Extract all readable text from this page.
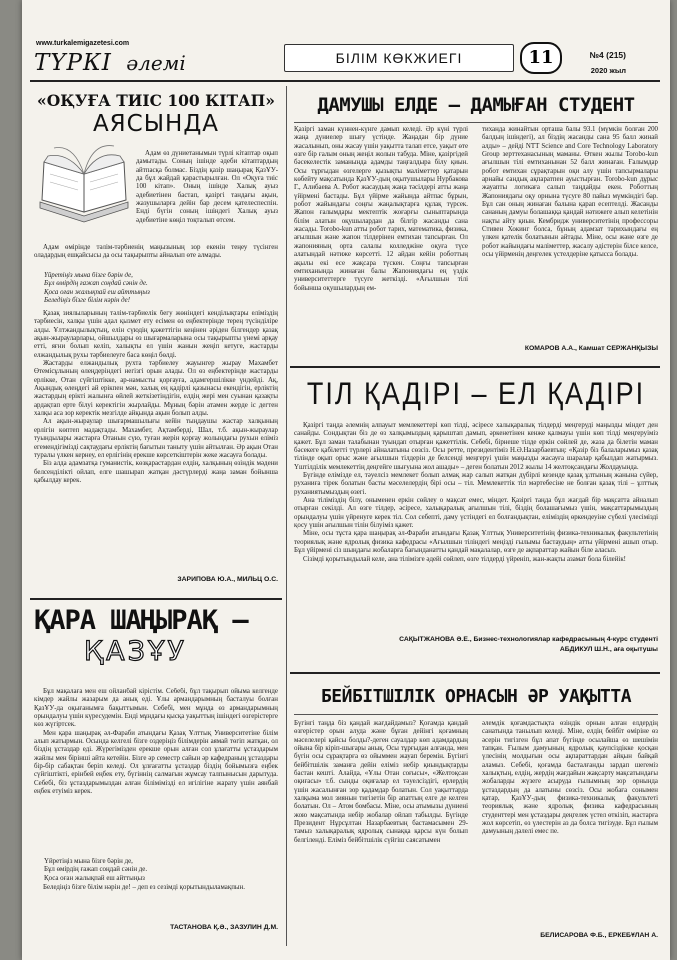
www.turkalemigazetesi.com
ТҮРКІ әлемі	БІЛІМ КӨКЖИЕГІ	11	№4 (215)
2020 жыл
«ОҚУҒА ТИІС 100 КІТАП»
АЯСЫНДА

Адам өз дүниетанымын түрлі кітаптар оқып дамытады. Соның ішінде әдеби кітаптардың айтпасқа болмас. Біздің қазір шаңырақ ҚазҰУ-да бұл жайдай қарастырылған. Ол «Оқуға тиіс 100 кітап». Оның ішінде Халық ауыз әдебиетінен бастап, қазіргі тандағы ақын, жазушыларға дейін бар десем қателеспеспін. Енді бүгін соның ішіндегі Халық ауыз әдебиетіне көңіл тоқталып өтсем.

Адам өмірінде тәлім-тәрбиенің маңызының зор екенін теңеу түсінген оладардың ешқайсысы да осы тақырыпты айналып өте алмады.

Үйретіңіз мына бізге бәрін де,
Бұл өмірдің ғажап соңдай сәнін де.
Қоса оған жалықпай еш айттыңыз
Беледіңіз бізге білім нәрін де!

Қазақ зиялыларының тәлім-тәрбиелік бегу жөніндегі кенділықтары еліміздің тәрбиесін, халқы үшін адал қызмет ету есімен өз еңбектерінде терең түсінділіре алды. Ұлтжандылықтың, елін сүюдің қажеттігін кеңінен әріден білгендер қазақ ақын-жырауларлары, ойшылдары өз шығармаларына осы тақырыпты үнемі арқау етті, яғни болып келіп, халықты ел үшін жанын жеңіп кетуге, жастарды елжандылық рухы тәрбиелеуге баса көңіл бөлді.

Жастарды елжандылық рухта тәрбиелеу жауынгер жырау Махамбет Өтемісұлының өлеңдеріндегі негізгі орын алады. Ол өз еңбектерінде жастарды ерлікке, Отан сүйгіштікке, ар-намысты қорғауға, адамгершілікке үндейді. Ақ, Ақындық өлеңдегі ай ерікпен мән, халық ең қадірлі қазынасы екендігін, ерліктің жастардың ерікті жалынға өйлей жеткізетіндігін, елдің жері мен суынан қазақты ардақтап ерте білуі керектігін жырлайды. Мұның бәрін атамен жерде іс дегтен халқы аса зор керектік мезгілде айқында ақын болып алды.

Ал ақын-жыраулар шығармашылығы кейін тыңдаушы жастар халқының ерлігін көптеп мадақтады. Махамбет, Ақтамберді, Шал, т.б. ақын-жыраулар туындылары жастарға Отанын сүю, туған жерін қорғау жолындағы рухын еліміз егемендігімізді сақтаудағы ерліктің бағытын таныту үшін айтылған. Әр ақын Отан туралы үлкен кернеу, ел ерлігінің ерекше көрсеткіштерін жеке жасауға болады.

Біз алда адамзатқа гуманистік, көзқарастардан елдің, халқының өзіндік мәдени белсенділікті ойлап, елге шашырап жатқан дәстүрлерді жаңа заман бойынша қабылдау керек.

ЗАРИПОВА Ю.А., МИЛЬЦ О.С.
ҚАРА ШАҢЫРАҚ –
ҚАЗҰУ

Бұл мақалаға мен еш ойланбай кірістім. Себебі, бұл тақырып ойыма келгенде кімдер жайлы жазарым да анық еді. Ұлы армандарымның басталуы болған ҚазҰУ-да оқығанымға бақыттымын. Себебі, мен мұнда өз армандарымның орындалуы үшін күресудемін. Енді мұндағы қысқа уақыттың ішіндегі өзгерістерге көз жүгіртсек.

Мен қара шаңырақ әл-Фараби атындағы Қазақ Ұлттық Университетіне білім алып жатырмын. Осында келгелі бізге оздеріңіз білімдерін аямай төгіп жатқан, ол біздің ұстаздар еді. Жүрегімізден ерекше орын алған сол ұлағатты ұстаздарым жайлы мен бірінші айта кетейін. Бізге әр семестр сайын әр кафедраның ұстаздары бір-бір сабақтан беріп келеді. Ол ұлғағатты ұстаздар біздің бойымызға еңбек сүйгіштікті, ерінбей еңбек ету, бүгіннің салмағын жұмсау талпынысын дарытуда. Себебі, біз ұстаздарымыздан алған білімімізді ел игілігіне жарату үшін аянбай еңбек етуіміз керек.

Үйретіңіз мына бізге бәрін де,
Бұл өмірдің ғажап соңдай сәнін де.
Қоса оған жалықпай еш айттыңыз

Беледіңіз бізге білім нәрін де! – деп ез сезімді қорытындыламақпын.

ТАСТАНОВА Қ.Ә., ЗАЗУЛИН Д.М.
ДАМУШЫ ЕЛДЕ – ДАМЫҒАН СТУДЕНТ
Қазіргі заман күннен-күнге дамып келеді. Әр күні түрлі жаңа дүниелер шығу үстінде. Жаңадан бір дүние жасалынып, оны жасау үшін уақытта талап етсе, уақыт өте өзге бір ғалым оның жеңіл жолын табуда. Міне, қазіргідей бәсекелестік заманында адамды таңғалдыра білу қиын. Осы тұрғыдан өзгелерге қызықты маліметтер қатарын көбейту мақсатында ҚазҰУ-дың оқытушылары Нурбакова Г., Алибаева А. Робот жасаудың жаңа тәсілдері атты жаңа үйірмені бастады. Бұл үйірме жайында айтпас бұрын, робот жайындағы соңғы жаңалықтарға құлақ түрсек. Жапон ғалымдары мектептік жоғарғы сыныптарында білім алатын оқушылардан да білгір жасанды сана жасады. Torobo-kun атты робот тарих, математика, физика, ағылшын және жапон тілдерінен емтихан тапсырған. Ол жапонияның орта салалы колледжіне оқуға түсе алатындай нәтиже көрсетті. 12 айдан кейін роботтың ақылы екі есе жақсара түскен. Соңғы тапсырған емтиханында жинаған балы Жапониядағы ең үздік университеттерге түсуге жеткізді. «Ағылшын тілі бойынша оқушылардың ем-
тиханда жинайтын орташа балы 93.1 (мүмкін болған 200 балдың ішіндегі), ал біздің жасанды сана 95 балл жинай алды» – дейді NTT Science and Core Technology Laboratory Group зерттеханасының маманы. Өткен жылы Torobo-kun ағылшын тілі емтиханынан 52 балл жинаған. Ғалымдар робот емтихан сұрақтарын оқи алу үшін тапсырмалары арнайы сандық ақпаратпен ауыстырған. Torobo-kun дұрыс жауапты логикаға салып таңдайды екен. Роботтың Жапониядағы оқу орнына түсуге 80 пайыз мүмкіндігі бар. Бұл сан оның жинаған балына қарап есептелді. Жасанды сананың дамуы болашаққа қандай нәтижеге алып келетінін нақты айту қиын. Кембридж университетінің профессоры Стивен Хокинг болса, бұның адамзат тарихындағы ең үлкен қателік болатынын айтады. Міне, осы және өзге де робот жайындағы маліметтер, жасалу әдістерін білсе келсе, осы үйірменің деңгелек үстелдеріне қатысса болады.
КОМАРОВ А.А., Камшат СЕРЖАНҚЫЗЫ
ТІЛ ҚАДІРІ – ЕЛ ҚАДІРІ

Қазіргі таңда әлемнің алпауыт мемлекеттері көп тілді, әсіресе халықаралық тілдерді меңгеруді маңызды міндет ден санайды. Сондықтан біз де өз халқымыздың қарыштап дамып, әркенетінен кенже қалмауы үшін көп тілді меңгеруіміз қажет. Бұл заман талабынан туындап отырған қажеттілік. Себебі, бірнеше тілде еркін сөйлей де, жаза да білетін маман бәсекеге қабілетті түрлері айналатыны сөзсіз. Осы ретте, президентіміз Н.Ә.Назарбаевтың: «Қазір біз балаларымыз қазақ тілінде оқып орыс және ағылшын тілдерін де белсенді меңгеруі үшін маңызды жасауға шаралар қабылдап жатырмыз. Үштілділік мемлекеттің деңгейге шығуына жол ашады» – деген болатын 2012 жылы 14 желтоқсандағы Жолдауында.

Бүгінде елімізде ел, тәуелсіз мемлекет болып алмақ жар салып жатқан дүбірлі кезенде қазақ ұлтының жанына сүйер, руханиға тірек болатын басты мәселелердің бірі осы – тіл. Мемлекеттік тіл мәртебесіне не болған қазақ тілі – ұлттық руханиятымыздың өзегі.

Ана тіліміздің білу, оныменен еркін сөйлеу о мақсат емес, міндет. Қазіргі таңда бұл жағдай бір мақсатта айналып отырған секілді. Ал өзге тілдер, әсіресе, халықаралық ағылшын тілі, біздің болашағымыз үшін, мақсаттарымыздың орындалуы үшін үйренуге керек тіл. Сол себепті, даму үстіндегі ел болғандықтан, еліміздің өркендеуіне сүбелі үлесімізді қосу үшін ағылшын тілін білуіміз қажет.

Міне, осы тұста қара шаңырақ әл-Фараби атындағы Қазақ Ұлттық Университетінің физика-техникалық факультетінің теориялық және ядролық физика кафедрасы «Ағылшын тіліндегі меңізді ғылымы бастаудың» атты үйірмені ашып отыр. Бұл үйірмені сіз шыңдағы жобаларға бағынданатты қандай мақалалар, өзге де ақпараттар жайын біле аласыз.

Сізімді қорытындылай келе, ана тілімізге әдейі сөйлеп, өзге тілдерді үйреніп, жан-жақты азамат бола білейік!

САҚЫТЖАНОВА Ә.Е., Бизнес-технологиялар кафедрасының 4-курс студенті
АБДИКУЛ Ш.Н., аға оқытушы
БЕЙБІТШІЛІК ОРНАСЫН ӘР УАҚЫТТА
Бүгінгі таңда біз қандай жағдайдамыз? Қоғамда қандай өзгерістер орын алуда және бұған дейінгі қоғамның мәселелері қайсы болды?-деген сауалдар көп адамдардың ойына бір кіріп-шығары анық. Осы тұрғыдан алғанда, мен бүгін осы сұрақтарға өз ойыммен жауап беремін. Бүгінгі бейбітшілік заманға дейін еліміз небір қиындықтарды бастан кешті. Алайда, «Ұлы Отан соғысы», «Желтоқсан оқиғасы» т.б. сынды оқиғалар ел тәуелсіздігі, ерлердің үшін жасалынған зор қадамдар болатын. Сол уақыттарда халқыма мол зиянын тигізетін бір апаттың елге де келген болатын. Ол – Атом бомбасы. Міне, осы атымызы дүниені жою мақсатында небір жобалар ойлап табылды. Бүгінде Президент Нұрсұлтан Назарбаевтың бастамасымен 29-тамыз халықаралық ядролық сынаққа қарсы күн болып белгіленді. Еліміз бейбітшілік сүйгіш саясатымен
әлемдік қоғамдастықта өзіндік орнын алған елдердің санатында танылып келеді. Міне, елдің бейбіт өміріне өз әсерін тигізген бұл апат бүгінде осылайша өз шешімін тапқан. Ғылым дамуының ядролық қаупсіздікке қосқан үлесінің молдығын осы ақпараттардан айқын байқай аламыз. Себебі, қоғамда басталғанды зардап шегеміз халықтың, елдің, жердің жағдайын жақсарту мақсатындағы жобаларды жүзеге асыруда ғылымның зор орнында ұстаздардың да алатыны сөзсіз. Осы жобаға сонымен қатар, ҚазҰУ-дың физика-техникалық факультеті теориялық және ядролық физика кафедрасының студенттері мен ұстаздары деңгелек үстел өткізіп, жастарға жол көрсетіп, өз үлестерін аз да болса тигізуде. Бұл ғылым дамуының дәлелі емес пе.
БЕЛИСАРОВА Ф.Б., ЕРКЕБҰЛАН А.
